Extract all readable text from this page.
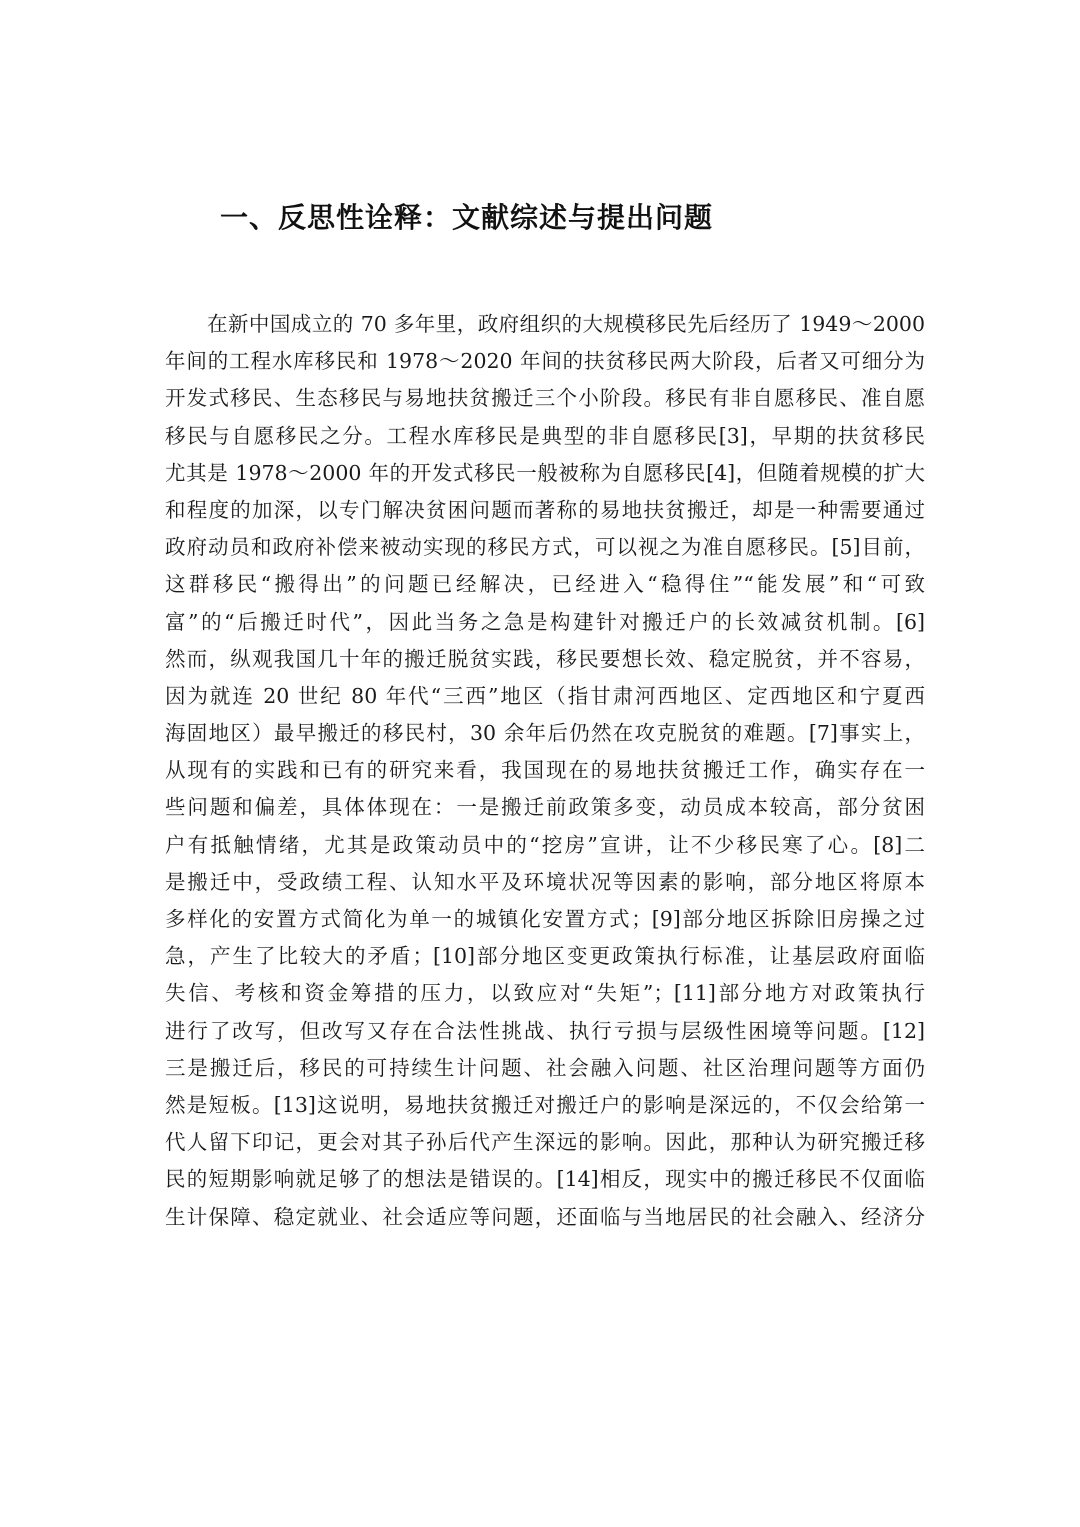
一、反思性诠释：文献综述与提出问题
在新中国成立的 70 多年里，政府组织的大规模移民先后经历了 1949～2000
年间的工程水库移民和 1978～2020 年间的扶贫移民两大阶段，后者又可细分为
开发式移民、生态移民与易地扶贫搬迁三个小阶段。移民有非自愿移民、准自愿
移民与自愿移民之分。工程水库移民是典型的非自愿移民[3]，早期的扶贫移民
尤其是 1978～2000 年的开发式移民一般被称为自愿移民[4]，但随着规模的扩大
和程度的加深，以专门解决贫困问题而著称的易地扶贫搬迁，却是一种需要通过
政府动员和政府补偿来被动实现的移民方式，可以视之为准自愿移民。[5]目前，
这群移民“搬得出”的问题已经解决，已经进入“稳得住”“能发展”和“可致
富”的“后搬迁时代”，因此当务之急是构建针对搬迁户的长效减贫机制。[6]
然而，纵观我国几十年的搬迁脱贫实践，移民要想长效、稳定脱贫，并不容易，
因为就连 20 世纪 80 年代“三西”地区（指甘肃河西地区、定西地区和宁夏西
海固地区）最早搬迁的移民村，30 余年后仍然在攻克脱贫的难题。[7]事实上，
从现有的实践和已有的研究来看，我国现在的易地扶贫搬迁工作，确实存在一
些问题和偏差，具体体现在：一是搬迁前政策多变，动员成本较高，部分贫困
户有抵触情绪，尤其是政策动员中的“挖房”宣讲，让不少移民寒了心。[8]二
是搬迁中，受政绩工程、认知水平及环境状况等因素的影响，部分地区将原本
多样化的安置方式简化为单一的城镇化安置方式；[9]部分地区拆除旧房操之过
急，产生了比较大的矛盾；[10]部分地区变更政策执行标准，让基层政府面临
失信、考核和资金筹措的压力，以致应对“失矩”；[11]部分地方对政策执行
进行了改写，但改写又存在合法性挑战、执行亏损与层级性困境等问题。[12]
三是搬迁后，移民的可持续生计问题、社会融入问题、社区治理问题等方面仍
然是短板。[13]这说明，易地扶贫搬迁对搬迁户的影响是深远的，不仅会给第一
代人留下印记，更会对其子孙后代产生深远的影响。因此，那种认为研究搬迁移
民的短期影响就足够了的想法是错误的。[14]相反，现实中的搬迁移民不仅面临
生计保障、稳定就业、社会适应等问题，还面临与当地居民的社会融入、经济分
